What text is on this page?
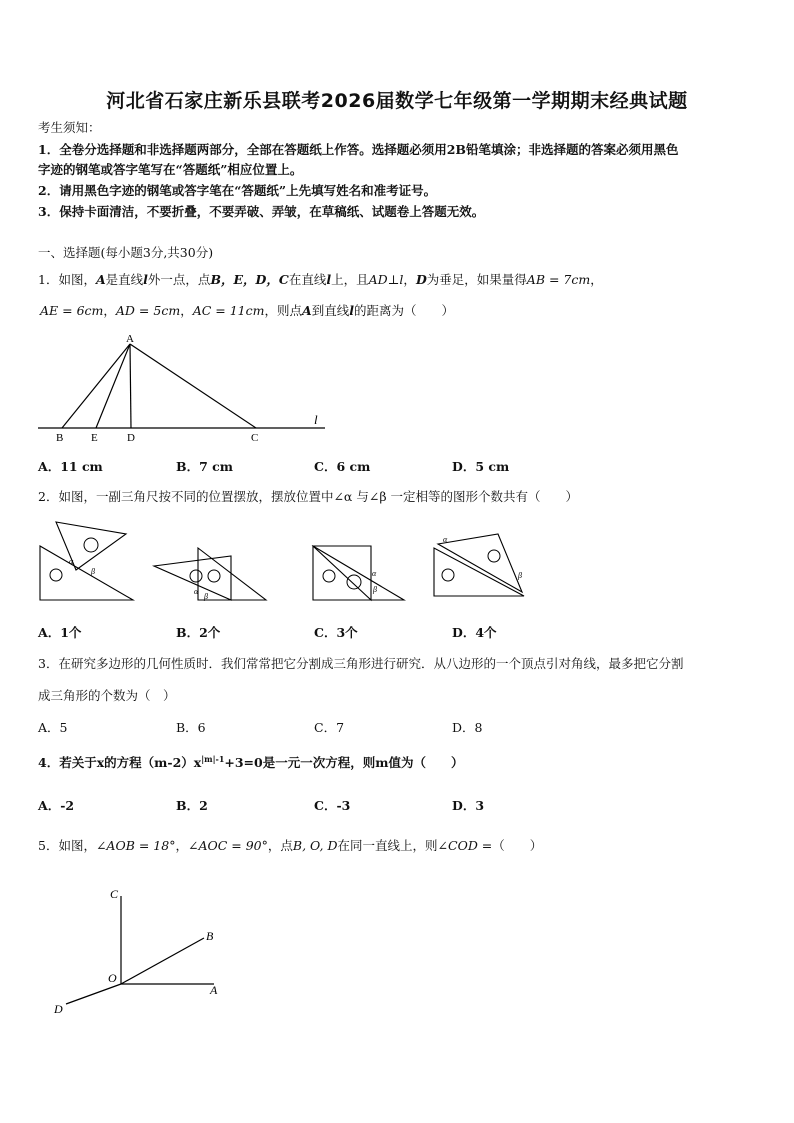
河北省石家庄新乐县联考2026届数学七年级第一学期期末经典试题
考生须知：
1．全卷分选择题和非选择题两部分，全部在答题纸上作答。选择题必须用2B铅笔填涂；非选择题的答案必须用黑色
字迹的钢笔或答字笔写在“答题纸”相应位置上。
2．请用黑色字迹的钢笔或答字笔在“答题纸”上先填写姓名和准考证号。
3．保持卡面清洁，不要折叠，不要弄破、弄皱，在草稿纸、试题卷上答题无效。
一、选择题(每小题3分,共30分)
1．如图，A是直线l外一点，点B，E，D，C在直线l上，且AD⊥l，D为垂足，如果量得AB = 7cm，
AE = 6cm，AD = 5cm，AC = 11cm，则点A到直线l的距离为（　　）
A
B	E	D	C
l
A．11 cm	B．7 cm	C．6 cm	D．5 cm
2．如图，一副三角尺按不同的位置摆放，摆放位置中∠α 与∠β 一定相等的图形个数共有（　　）
α
β
α
β
α
β
α
β
A．1个	B．2个	C．3个	D．4个
3．在研究多边形的几何性质时．我们常常把它分割成三角形进行研究．从八边形的一个顶点引对角线，最多把它分割
成三角形的个数为（　）
A．5	B．6	C．7	D．8
4．若关于x的方程$(m-2)x^{|m|-1}+3=0$是一元一次方程，则m值为（　　）
A．-2	B．2	C．-3	D．3
5．如图，∠AOB = 18°，∠AOC = 90°，点B, O, D在同一直线上，则∠COD =（　　）
C
B
O
A
D
